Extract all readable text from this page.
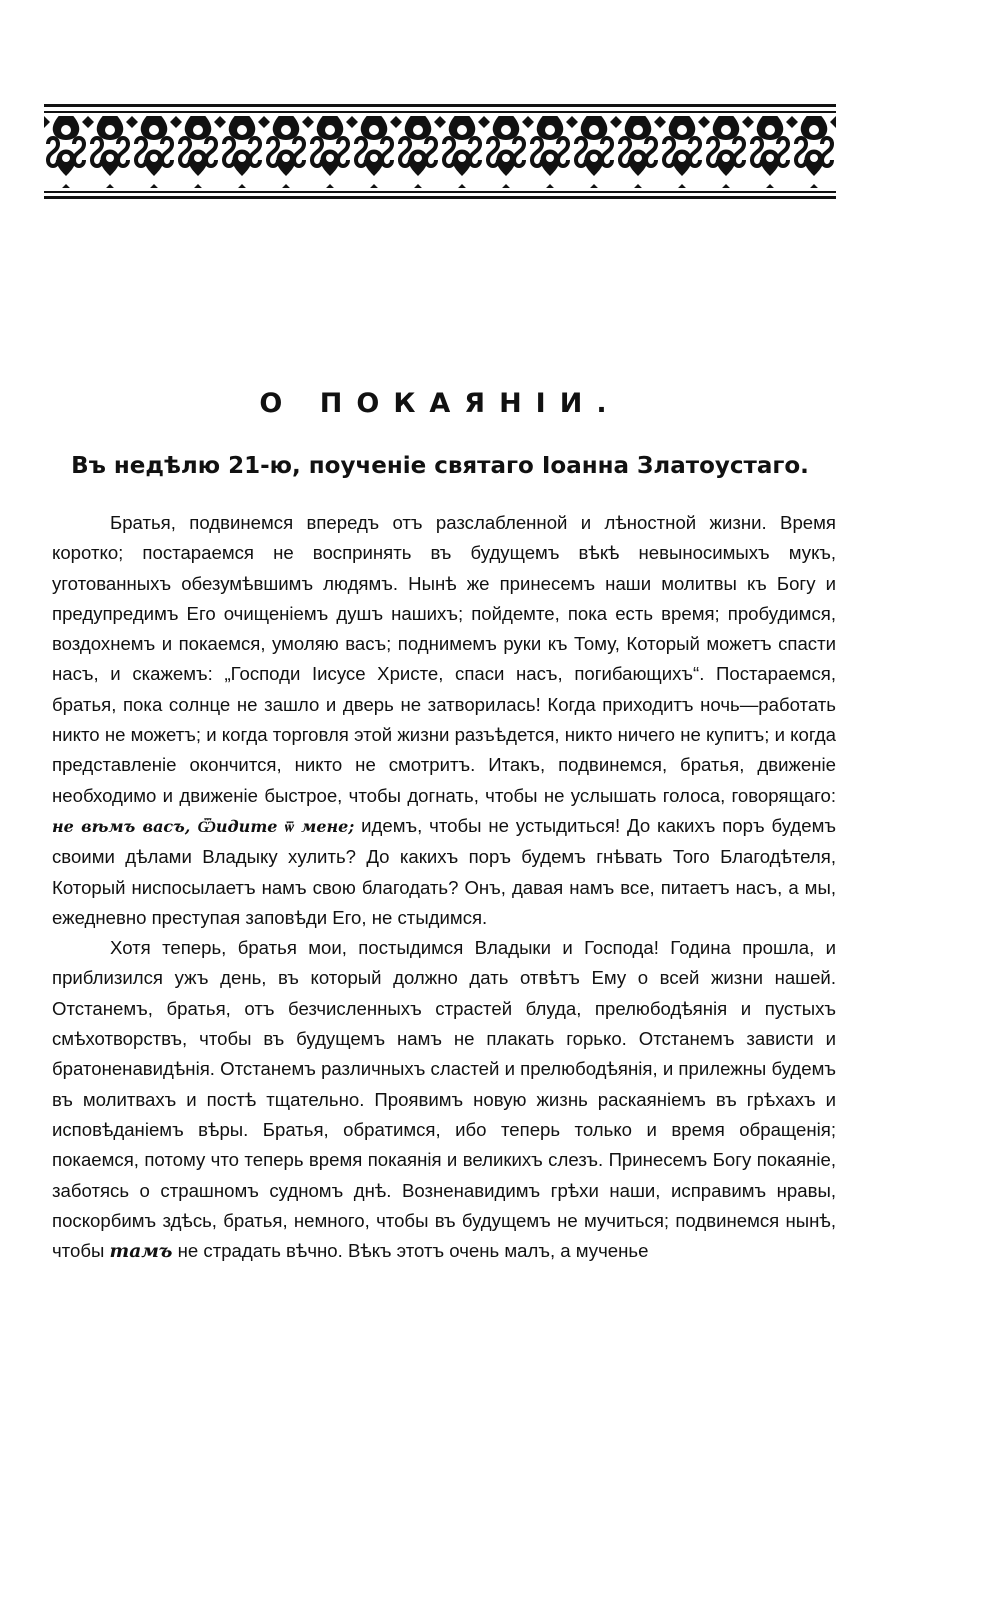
О ПОКАЯНІИ.
Въ недѣлю 21-ю, поученіе святаго Іоанна Златоустаго.

Братья, подвинемся впередъ отъ разслабленной и лѣностной жизни. Время коротко; постараемся не воспринять въ будущемъ вѣкѣ невыносимыхъ мукъ, уготованныхъ обезумѣвшимъ людямъ. Нынѣ же принесемъ наши молитвы къ Богу и предупредимъ Его очищеніемъ душъ нашихъ; пойдемте, пока есть время; пробудимся, воздохнемъ и покаемся, умоляю васъ; поднимемъ руки къ Тому, Который можетъ спасти насъ, и скажемъ: „Господи Іисусе Христе, спаси насъ, погибающихъ“. Постараемся, братья, пока солнце не зашло и дверь не затворилась! Когда приходитъ ночь—работать никто не можетъ; и когда торговля этой жизни разъѣдется, никто ничего не купитъ; и когда представленіе окончится, никто не смотритъ. Итакъ, подвинемся, братья, движеніе необходимо и движеніе быстрое, чтобы догнать, чтобы не услышать голоса, говорящаго: не вѣмъ васъ, Ѿидите ѿ мене; идемъ, чтобы не устыдиться! До какихъ поръ будемъ своими дѣлами Владыку хулить? До какихъ поръ будемъ гнѣвать Того Благодѣтеля, Который ниспосылаетъ намъ свою благодать? Онъ, давая намъ все, питаетъ насъ, а мы, ежедневно преступая заповѣди Его, не стыдимся.

Хотя теперь, братья мои, постыдимся Владыки и Господа! Година прошла, и приблизился ужъ день, въ который должно дать отвѣтъ Ему о всей жизни нашей. Отстанемъ, братья, отъ безчисленныхъ страстей блуда, прелюбодѣянія и пустыхъ смѣхотворствъ, чтобы въ будущемъ намъ не плакать горько. Отстанемъ зависти и братоненавидѣнія. Отстанемъ различныхъ сластей и прелюбодѣянія, и прилежны будемъ въ молитвахъ и постѣ тщательно. Проявимъ новую жизнь раскаяніемъ въ грѣхахъ и исповѣданіемъ вѣры. Братья, обратимся, ибо теперь только и время обращенія; покаемся, потому что теперь время покаянія и великихъ слезъ. Принесемъ Богу покаяніе, заботясь о страшномъ судномъ днѣ. Возненавидимъ грѣхи наши, исправимъ нравы, поскорбимъ здѣсь, братья, немного, чтобы въ будущемъ не мучиться; подвинемся нынѣ, чтобы тамъ не страдать вѣчно. Вѣкъ этотъ очень малъ, а мученье
